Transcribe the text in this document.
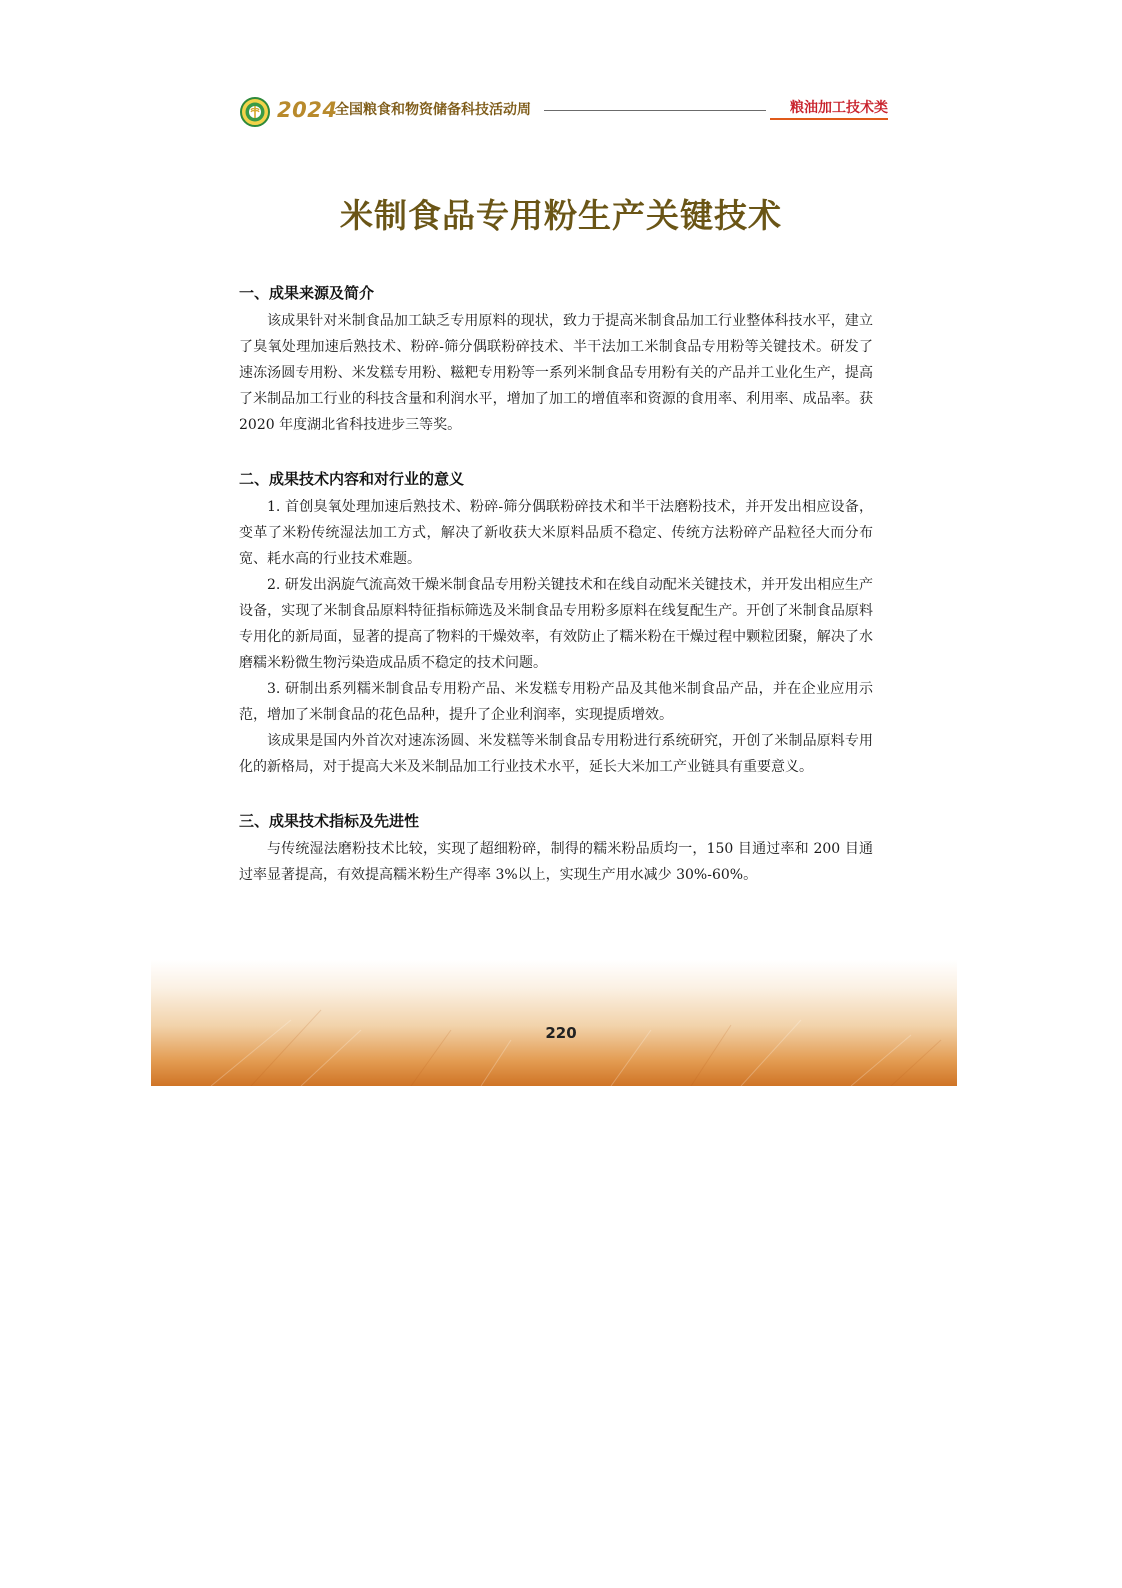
2024
全国粮食和物资储备科技活动周	粮油加工技术类
米制食品专用粉生产关键技术
一、成果来源及简介

该成果针对米制食品加工缺乏专用原料的现状，致力于提高米制食品加工行业整体科技水平，建立了臭氧处理加速后熟技术、粉碎-筛分偶联粉碎技术、半干法加工米制食品专用粉等关键技术。研发了速冻汤圆专用粉、米发糕专用粉、糍粑专用粉等一系列米制食品专用粉有关的产品并工业化生产，提高了米制品加工行业的科技含量和利润水平，增加了加工的增值率和资源的食用率、利用率、成品率。获 2020 年度湖北省科技进步三等奖。

二、成果技术内容和对行业的意义

1. 首创臭氧处理加速后熟技术、粉碎-筛分偶联粉碎技术和半干法磨粉技术，并开发出相应设备，变革了米粉传统湿法加工方式，解决了新收获大米原料品质不稳定、传统方法粉碎产品粒径大而分布宽、耗水高的行业技术难题。

2. 研发出涡旋气流高效干燥米制食品专用粉关键技术和在线自动配米关键技术，并开发出相应生产设备，实现了米制食品原料特征指标筛选及米制食品专用粉多原料在线复配生产。开创了米制食品原料专用化的新局面，显著的提高了物料的干燥效率，有效防止了糯米粉在干燥过程中颗粒团聚，解决了水磨糯米粉微生物污染造成品质不稳定的技术问题。

3. 研制出系列糯米制食品专用粉产品、米发糕专用粉产品及其他米制食品产品，并在企业应用示范，增加了米制食品的花色品种，提升了企业利润率，实现提质增效。

该成果是国内外首次对速冻汤圆、米发糕等米制食品专用粉进行系统研究，开创了米制品原料专用化的新格局，对于提高大米及米制品加工行业技术水平，延长大米加工产业链具有重要意义。

三、成果技术指标及先进性

与传统湿法磨粉技术比较，实现了超细粉碎，制得的糯米粉品质均一，150 目通过率和 200 目通过率显著提高，有效提高糯米粉生产得率 3%以上，实现生产用水减少 30%-60%。

220
